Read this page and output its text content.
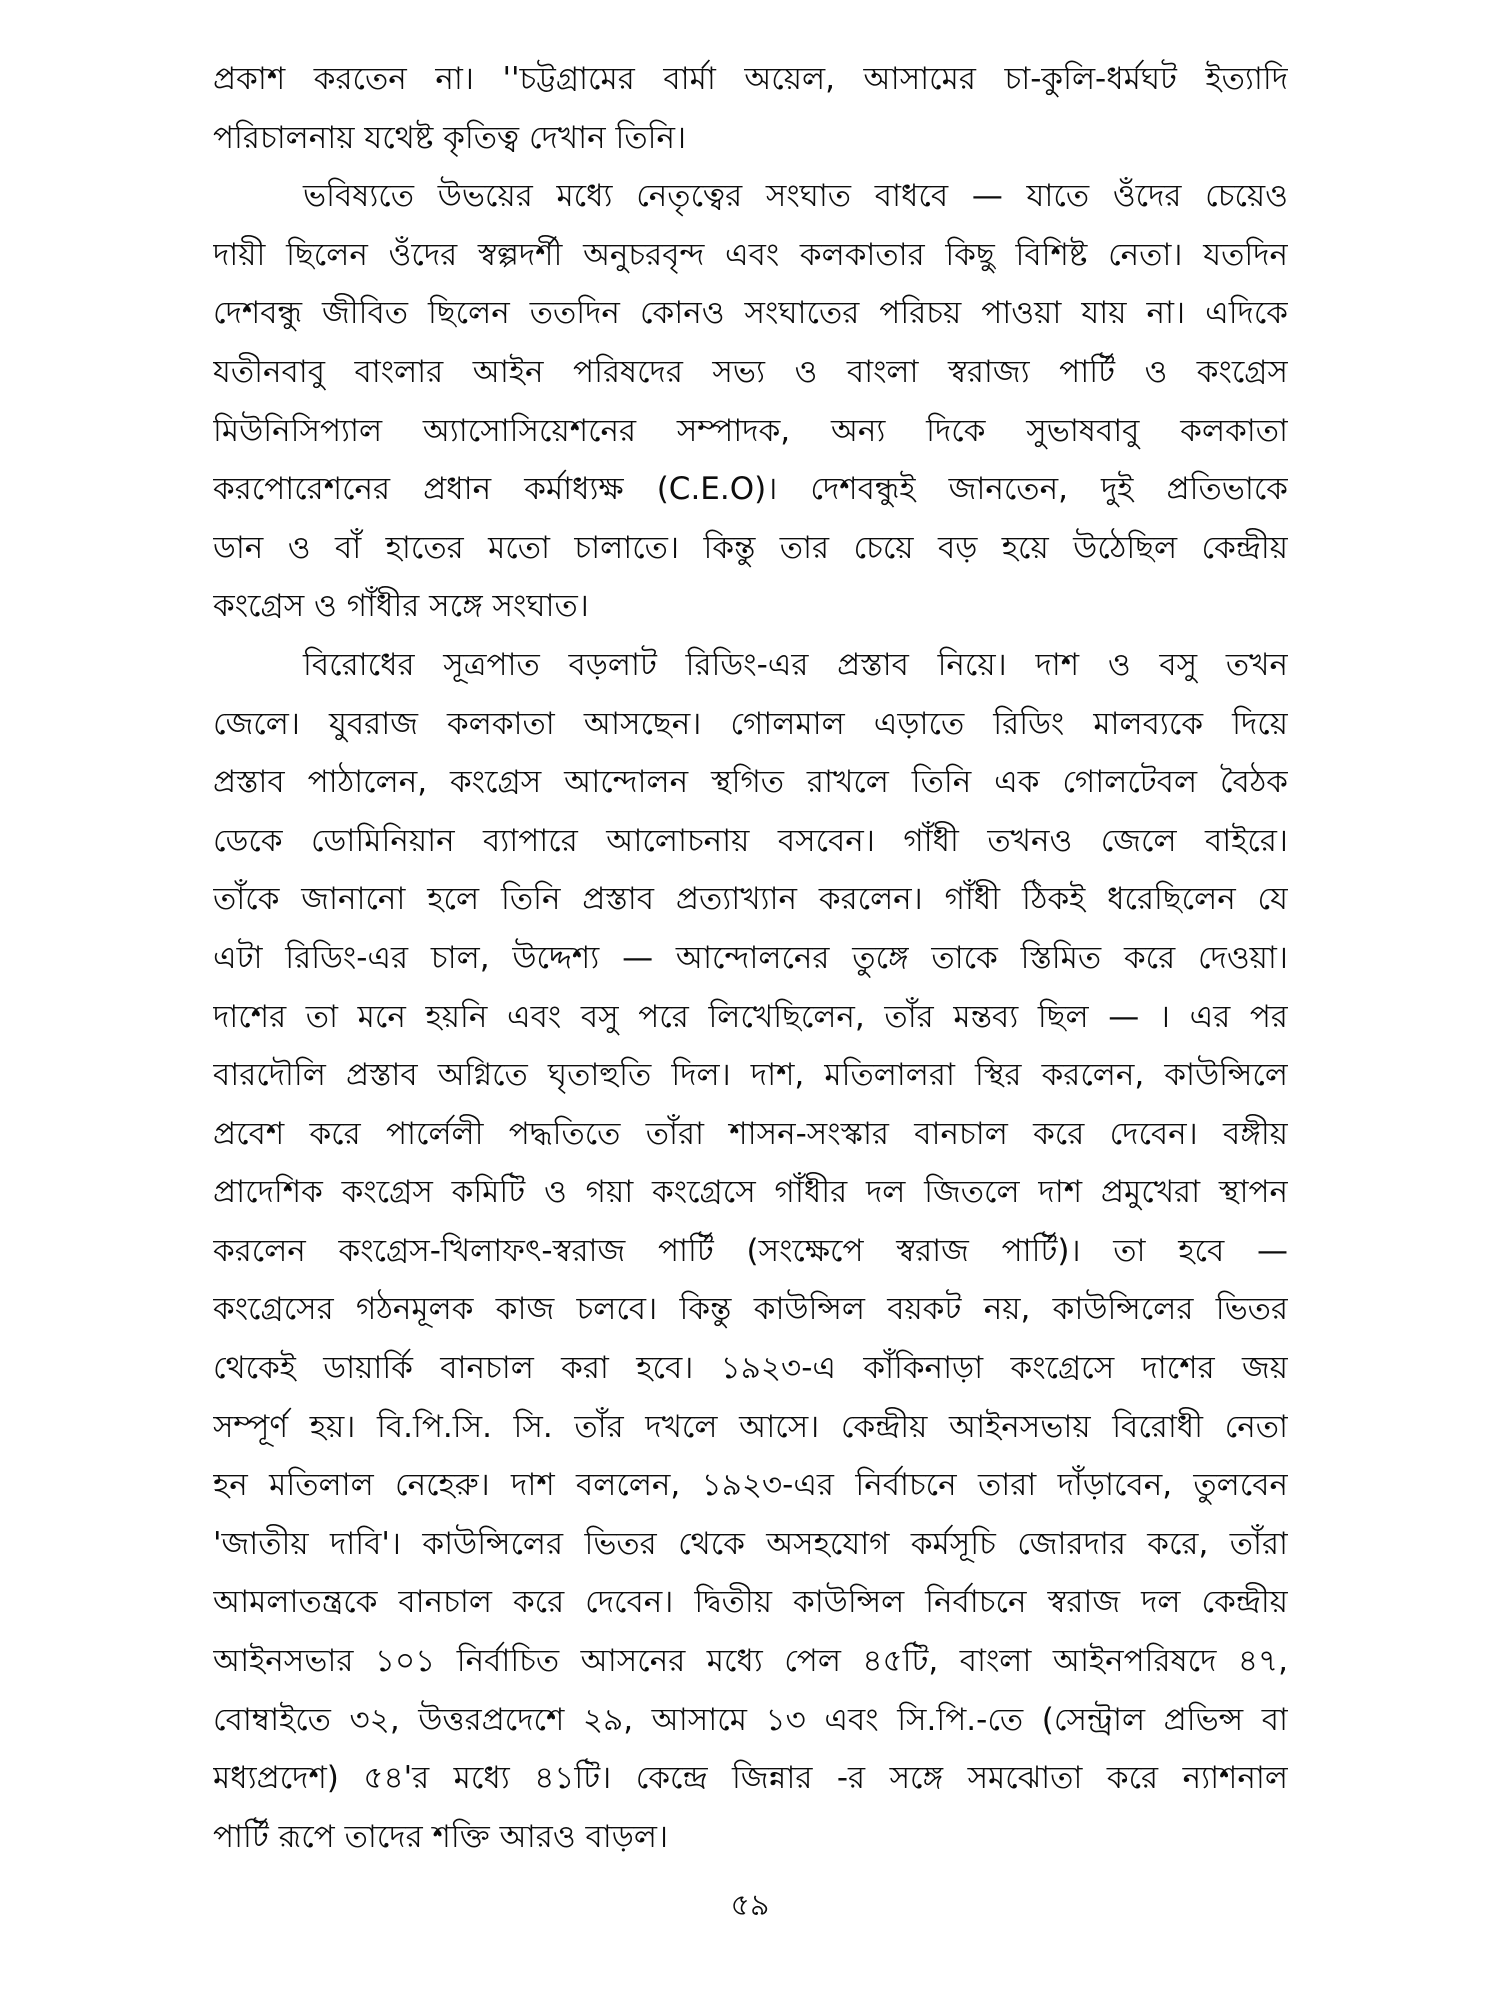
প্রকাশ করতেন না। ''চট্টগ্রামের বার্মা অয়েল, আসামের চা-কুলি-ধর্মঘট ইত্যাদি
পরিচালনায় যথেষ্ট কৃতিত্ব দেখান তিনি।
ভবিষ্যতে উভয়ের মধ্যে নেতৃত্বের সংঘাত বাধবে — যাতে ওঁদের চেয়েও
দায়ী ছিলেন ওঁদের স্বল্পদর্শী অনুচরবৃন্দ এবং কলকাতার কিছু বিশিষ্ট নেতা। যতদিন
দেশবন্ধু জীবিত ছিলেন ততদিন কোনও সংঘাতের পরিচয় পাওয়া যায় না। এদিকে
যতীনবাবু বাংলার আইন পরিষদের সভ্য ও বাংলা স্বরাজ্য পার্টি ও কংগ্রেস
মিউনিসিপ্যাল অ্যাসোসিয়েশনের সম্পাদক, অন্য দিকে সুভাষবাবু কলকাতা
করপোরেশনের প্রধান কর্মাধ্যক্ষ (C.E.O)। দেশবন্ধুই জানতেন, দুই প্রতিভাকে
ডান ও বাঁ হাতের মতো চালাতে। কিন্তু তার চেয়ে বড় হয়ে উঠেছিল কেন্দ্রীয়
কংগ্রেস ও গাঁধীর সঙ্গে সংঘাত।
বিরোধের সূত্রপাত বড়লাট রিডিং-এর প্রস্তাব নিয়ে। দাশ ও বসু তখন
জেলে। যুবরাজ কলকাতা আসছেন। গোলমাল এড়াতে রিডিং মালব্যকে দিয়ে
প্রস্তাব পাঠালেন, কংগ্রেস আন্দোলন স্থগিত রাখলে তিনি এক গোলটেবল বৈঠক
ডেকে ডোমিনিয়ান ব্যাপারে আলোচনায় বসবেন। গাঁধী তখনও জেলে বাইরে।
তাঁকে জানানো হলে তিনি প্রস্তাব প্রত্যাখ্যান করলেন। গাঁধী ঠিকই ধরেছিলেন যে
এটা রিডিং-এর চাল, উদ্দেশ্য — আন্দোলনের তুঙ্গে তাকে স্তিমিত করে দেওয়া।
দাশের তা মনে হয়নি এবং বসু পরে লিখেছিলেন, তাঁর মন্তব্য ছিল — । এর পর
বারদৌলি প্রস্তাব অগ্নিতে ঘৃতাহুতি দিল। দাশ, মতিলালরা স্থির করলেন, কাউন্সিলে
প্রবেশ করে পার্লেলী পদ্ধতিতে তাঁরা শাসন-সংস্কার বানচাল করে দেবেন। বঙ্গীয়
প্রাদেশিক কংগ্রেস কমিটি ও গয়া কংগ্রেসে গাঁধীর দল জিতলে দাশ প্রমুখেরা স্থাপন
করলেন কংগ্রেস-খিলাফৎ-স্বরাজ পার্টি (সংক্ষেপে স্বরাজ পার্টি)। তা হবে —
কংগ্রেসের গঠনমূলক কাজ চলবে। কিন্তু কাউন্সিল বয়কট নয়, কাউন্সিলের ভিতর
থেকেই ডায়ার্কি বানচাল করা হবে। ১৯২৩-এ কাঁকিনাড়া কংগ্রেসে দাশের জয়
সম্পূর্ণ হয়। বি.পি.সি. সি. তাঁর দখলে আসে। কেন্দ্রীয় আইনসভায় বিরোধী নেতা
হন মতিলাল নেহেরু। দাশ বললেন, ১৯২৩-এর নির্বাচনে তারা দাঁড়াবেন, তুলবেন
'জাতীয় দাবি'। কাউন্সিলের ভিতর থেকে অসহযোগ কর্মসূচি জোরদার করে, তাঁরা
আমলাতন্ত্রকে বানচাল করে দেবেন। দ্বিতীয় কাউন্সিল নির্বাচনে স্বরাজ দল কেন্দ্রীয়
আইনসভার ১০১ নির্বাচিত আসনের মধ্যে পেল ৪৫টি, বাংলা আইনপরিষদে ৪৭,
বোম্বাইতে ৩২, উত্তরপ্রদেশে ২৯, আসামে ১৩ এবং সি.পি.-তে (সেন্ট্রাল প্রভিন্স বা
মধ্যপ্রদেশ) ৫৪'র মধ্যে ৪১টি। কেন্দ্রে জিন্নার -র সঙ্গে সমঝোতা করে ন্যাশনাল
পার্টি রূপে তাদের শক্তি আরও বাড়ল।
৫৯
